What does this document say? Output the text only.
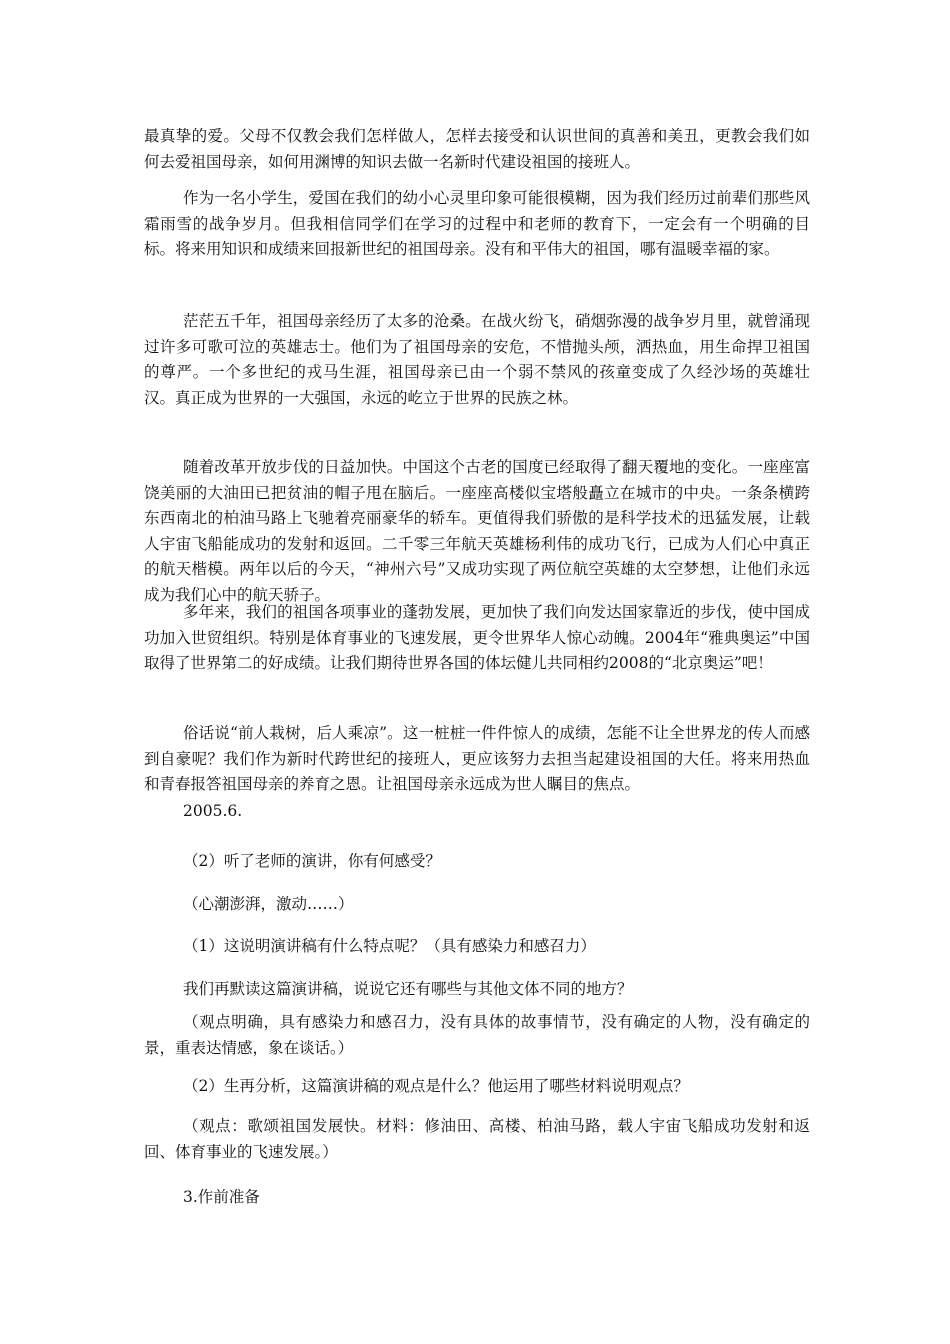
最真挚的爱。父母不仅教会我们怎样做人，怎样去接受和认识世间的真善和美丑，更教会我们如何去爱祖国母亲，如何用渊博的知识去做一名新时代建设祖国的接班人。

作为一名小学生，爱国在我们的幼小心灵里印象可能很模糊，因为我们经历过前辈们那些风霜雨雪的战争岁月。但我相信同学们在学习的过程中和老师的教育下，一定会有一个明确的目标。将来用知识和成绩来回报新世纪的祖国母亲。没有和平伟大的祖国，哪有温暖幸福的家。

茫茫五千年，祖国母亲经历了太多的沧桑。在战火纷飞，硝烟弥漫的战争岁月里，就曾涌现过许多可歌可泣的英雄志士。他们为了祖国母亲的安危，不惜抛头颅，洒热血，用生命捍卫祖国的尊严。一个多世纪的戎马生涯，祖国母亲已由一个弱不禁风的孩童变成了久经沙场的英雄壮汉。真正成为世界的一大强国，永远的屹立于世界的民族之林。

随着改革开放步伐的日益加快。中国这个古老的国度已经取得了翻天覆地的变化。一座座富饶美丽的大油田已把贫油的帽子甩在脑后。一座座高楼似宝塔般矗立在城市的中央。一条条横跨东西南北的柏油马路上飞驰着亮丽豪华的轿车。更值得我们骄傲的是科学技术的迅猛发展，让载人宇宙飞船能成功的发射和返回。二千零三年航天英雄杨利伟的成功飞行，已成为人们心中真正的航天楷模。两年以后的今天，“神州六号”又成功实现了两位航空英雄的太空梦想，让他们永远成为我们心中的航天骄子。

多年来，我们的祖国各项事业的蓬勃发展，更加快了我们向发达国家靠近的步伐，使中国成功加入世贸组织。特别是体育事业的飞速发展，更令世界华人惊心动魄。2004年“雅典奥运”中国取得了世界第二的好成绩。让我们期待世界各国的体坛健儿共同相约2008的“北京奥运”吧！

俗话说“前人栽树，后人乘凉”。这一桩桩一件件惊人的成绩，怎能不让全世界龙的传人而感到自豪呢？我们作为新时代跨世纪的接班人，更应该努力去担当起建设祖国的大任。将来用热血和青春报答祖国母亲的养育之恩。让祖国母亲永远成为世人瞩目的焦点。

2005.6.

（2）听了老师的演讲，你有何感受？

（心潮澎湃，激动……）

（1）这说明演讲稿有什么特点呢？（具有感染力和感召力）

我们再默读这篇演讲稿，说说它还有哪些与其他文体不同的地方？

（观点明确，具有感染力和感召力，没有具体的故事情节，没有确定的人物，没有确定的景，重表达情感，象在谈话。）

（2）生再分析，这篇演讲稿的观点是什么？他运用了哪些材料说明观点？

（观点：歌颂祖国发展快。材料：修油田、高楼、柏油马路，载人宇宙飞船成功发射和返回、体育事业的飞速发展。）

3.作前准备
